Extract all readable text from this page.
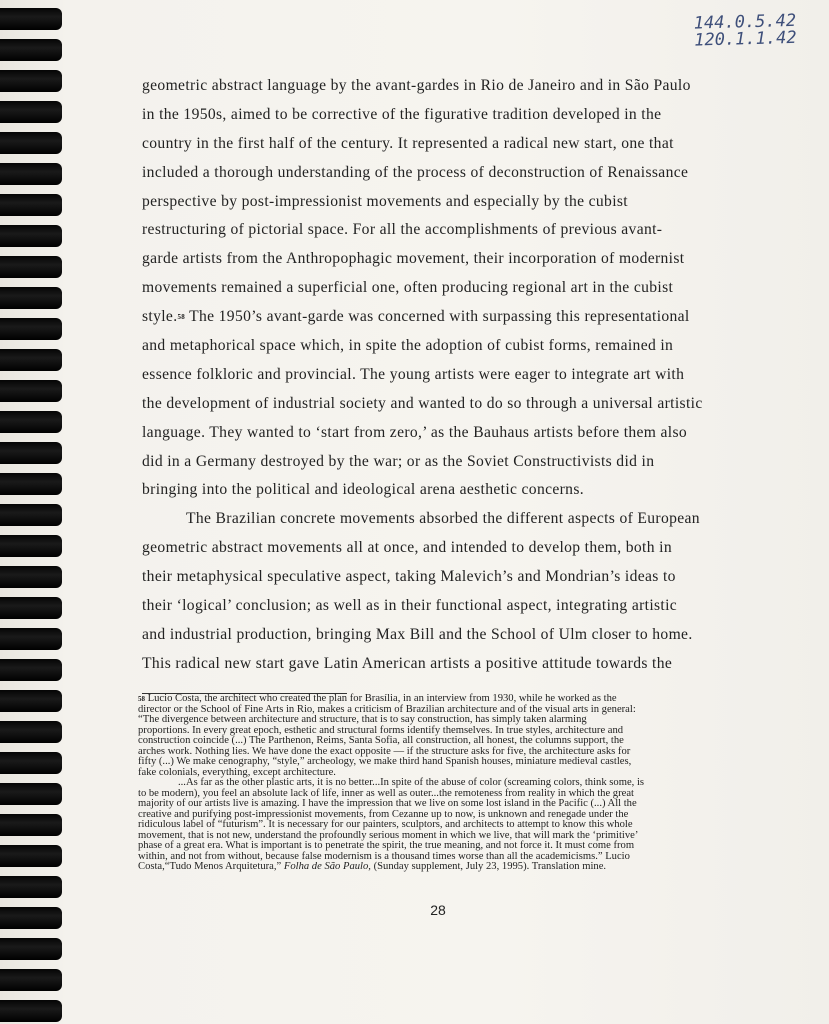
144.0.5.42
120.1.1.42
geometric abstract language by the avant-gardes in Rio de Janeiro and in São Paulo
in the 1950s, aimed to be corrective of the figurative tradition developed in the
country in the first half of the century. It represented a radical new start, one that
included a thorough understanding of the process of deconstruction of Renaissance
perspective by post-impressionist movements and especially by the cubist
restructuring of pictorial space. For all the accomplishments of previous avant-
garde artists from the Anthropophagic movement, their incorporation of modernist
movements remained a superficial one, often producing regional art in the cubist
style.$^{58}$ The 1950’s avant-garde was concerned with surpassing this representational
and metaphorical space which, in spite the adoption of cubist forms, remained in
essence folkloric and provincial. The young artists were eager to integrate art with
the development of industrial society and wanted to do so through a universal artistic
language. They wanted to ‘start from zero,’ as the Bauhaus artists before them also
did in a Germany destroyed by the war; or as the Soviet Constructivists did in
bringing into the political and ideological arena aesthetic concerns.
The Brazilian concrete movements absorbed the different aspects of European
geometric abstract movements all at once, and intended to develop them, both in
their metaphysical speculative aspect, taking Malevich’s and Mondrian’s ideas to
their ‘logical’ conclusion; as well as in their functional aspect, integrating artistic
and industrial production, bringing Max Bill and the School of Ulm closer to home.
This radical new start gave Latin American artists a positive attitude towards the
$^{58}$ Lucio Costa, the architect who created the plan for Brasília, in an interview from 1930, while he worked as the
director or the School of Fine Arts in Rio, makes a criticism of Brazilian architecture and of the visual arts in general:
“The divergence between architecture and structure, that is to say construction, has simply taken alarming
proportions. In every great epoch, esthetic and structural forms identify themselves. In true styles, architecture and
construction coincide (...) The Parthenon, Reims, Santa Sofia, all construction, all honest, the columns support, the
arches work. Nothing lies. We have done the exact opposite — if the structure asks for five, the architecture asks for
fifty (...) We make cenography, “style,” archeology, we make third hand Spanish houses, miniature medieval castles,
fake colonials, everything, except architecture.
...As far as the other plastic arts, it is no better...In spite of the abuse of color (screaming colors, think some, is
to be modern), you feel an absolute lack of life, inner as well as outer...the remoteness from reality in which the great
majority of our artists live is amazing. I have the impression that we live on some lost island in the Pacific (...) All the
creative and purifying post-impressionist movements, from Cezanne up to now, is unknown and renegade under the
ridiculous label of “futurism”. It is necessary for our painters, sculptors, and architects to attempt to know this whole
movement, that is not new, understand the profoundly serious moment in which we live, that will mark the ‘primitive’
phase of a great era. What is important is to penetrate the spirit, the true meaning, and not force it. It must come from
within, and not from without, because false modernism is a thousand times worse than all the academicisms.” Lucio
Costa,“Tudo Menos Arquitetura,” Folha de São Paulo, (Sunday supplement, July 23, 1995). Translation mine.
28
